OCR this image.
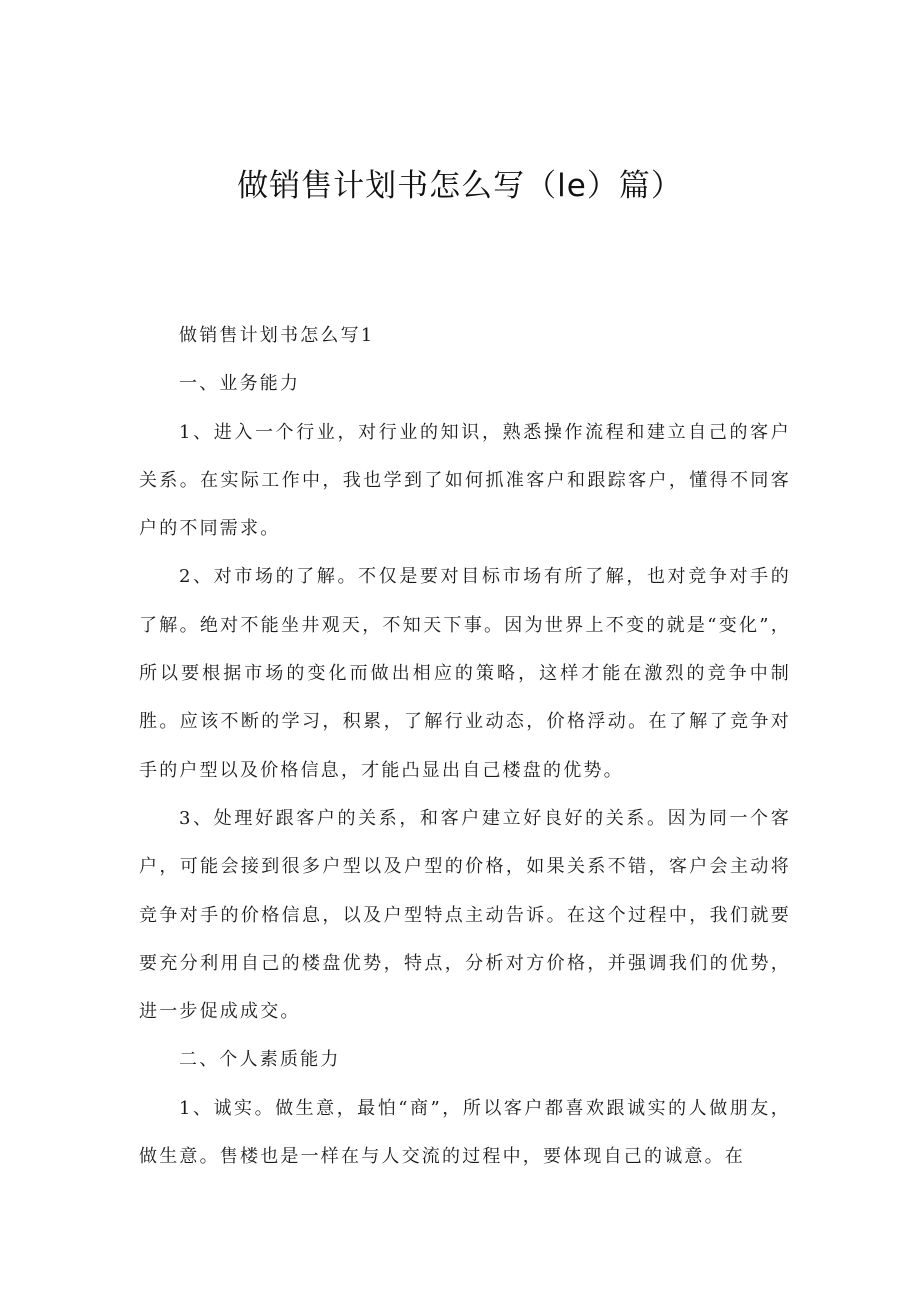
做销售计划书怎么写（le）篇）

做销售计划书怎么写1

一、业务能力

1、进入一个行业，对行业的知识，熟悉操作流程和建立自己的客户关系。在实际工作中，我也学到了如何抓准客户和跟踪客户，懂得不同客户的不同需求。

2、对市场的了解。不仅是要对目标市场有所了解，也对竞争对手的了解。绝对不能坐井观天，不知天下事。因为世界上不变的就是“变化”，所以要根据市场的变化而做出相应的策略，这样才能在激烈的竞争中制胜。应该不断的学习，积累，了解行业动态，价格浮动。在了解了竞争对手的户型以及价格信息，才能凸显出自己楼盘的优势。

3、处理好跟客户的关系，和客户建立好良好的关系。因为同一个客户，可能会接到很多户型以及户型的价格，如果关系不错，客户会主动将竞争对手的价格信息，以及户型特点主动告诉。在这个过程中，我们就要要充分利用自己的楼盘优势，特点，分析对方价格，并强调我们的优势，进一步促成成交。

二、个人素质能力

1、诚实。做生意，最怕“商”，所以客户都喜欢跟诚实的人做朋友，做生意。售楼也是一样在与人交流的过程中，要体现自己的诚意。在
